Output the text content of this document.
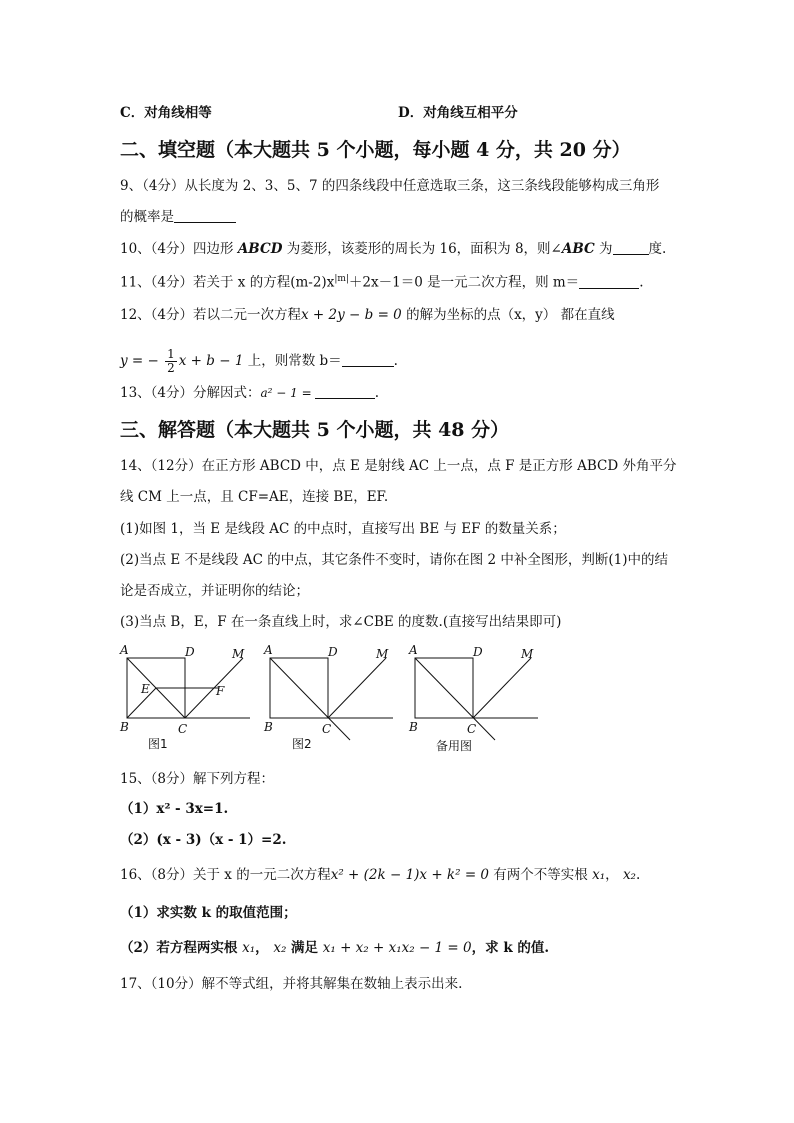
C．对角线相等	D．对角线互相平分
二、填空题（本大题共 5 个小题，每小题 4 分，共 20 分）
9、（4分）从长度为 2、3、5、7 的四条线段中任意选取三条，这三条线段能够构成三角形
的概率是
10、（4分）四边形 ABCD 为菱形，该菱形的周长为 16，面积为 8，则∠ABC 为	度.
11、（4分）若关于 x 的方程$(m-2)x^{|m|}+2x-1=0$ 是一元二次方程，则 m＝	.
12、（4分）若以二元一次方程x + 2y − b = 0 的解为坐标的点（x，y） 都在直线
y = − $\frac{1}{2}$ x + b − 1 上，则常数 b＝	.
13、（4分）分解因式：a² − 1 =	.
三、解答题（本大题共 5 个小题，共 48 分）
14、（12分）在正方形 ABCD 中，点 E 是射线 AC 上一点，点 F 是正方形 ABCD 外角平分
线 CM 上一点，且 CF=AE，连接 BE，EF.
(1)如图 1，当 E 是线段 AC 的中点时，直接写出 BE 与 EF 的数量关系；
(2)当点 E 不是线段 AC 的中点，其它条件不变时，请你在图 2 中补全图形，判断(1)中的结
论是否成立，并证明你的结论；
(3)当点 B，E，F 在一条直线上时，求∠CBE 的度数.(直接写出结果即可)
A	D	M
E	F
B	C
A	D	M
B	C
A	D	M
B	C
图1	图2	备用图
15、（8分）解下列方程：
（1）x² - 3x=1.
（2）(x - 3)（x - 1）=2.
16、（8分）关于 x 的一元二次方程x² + (2k − 1)x + k² = 0 有两个不等实根 x₁， x₂.
（1）求实数 k 的取值范围；
（2）若方程两实根 x₁， x₂ 满足 x₁ + x₂ + x₁x₂ − 1 = 0，求 k 的值.
17、（10分）解不等式组，并将其解集在数轴上表示出来.
